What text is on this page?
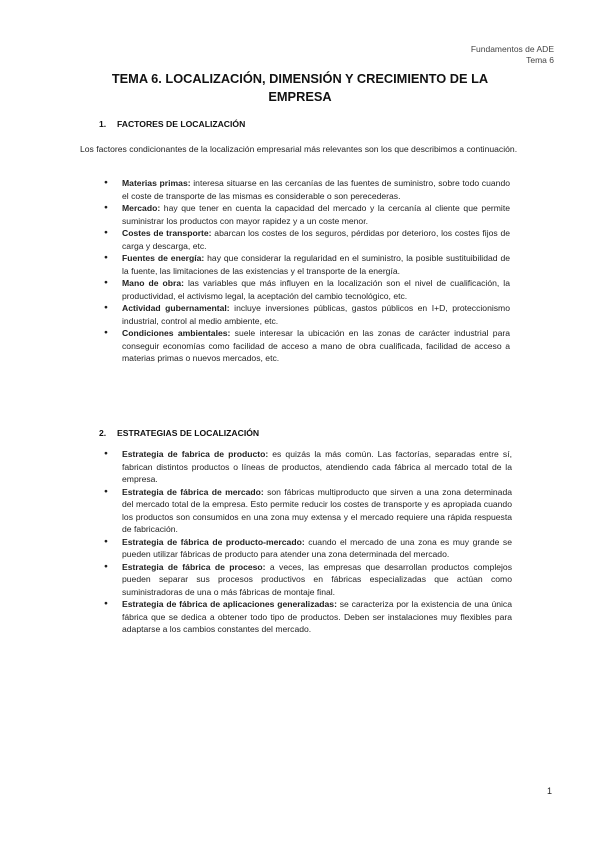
Fundamentos de ADE
Tema 6
TEMA 6. LOCALIZACIÓN, DIMENSIÓN Y CRECIMIENTO DE LA EMPRESA
1. FACTORES DE LOCALIZACIÓN
Los factores condicionantes de la localización empresarial más relevantes son los que describimos a continuación.
● Materias primas: interesa situarse en las cercanías de las fuentes de suministro, sobre todo cuando el coste de transporte de las mismas es considerable o son perecederas.
● Mercado: hay que tener en cuenta la capacidad del mercado y la cercanía al cliente que permite suministrar los productos con mayor rapidez y a un coste menor.
● Costes de transporte: abarcan los costes de los seguros, pérdidas por deterioro, los costes fijos de carga y descarga, etc.
● Fuentes de energía: hay que considerar la regularidad en el suministro, la posible sustituibilidad de la fuente, las limitaciones de las existencias y el transporte de la energía.
● Mano de obra: las variables que más influyen en la localización son el nivel de cualificación, la productividad, el activismo legal, la aceptación del cambio tecnológico, etc.
● Actividad gubernamental: incluye inversiones públicas, gastos públicos en I+D, proteccionismo industrial, control al medio ambiente, etc.
● Condiciones ambientales: suele interesar la ubicación en las zonas de carácter industrial para conseguir economías como facilidad de acceso a mano de obra cualificada, facilidad de acceso a materias primas o nuevos mercados, etc.
2. ESTRATEGIAS DE LOCALIZACIÓN
● Estrategia de fabrica de producto: es quizás la más común. Las factorías, separadas entre sí, fabrican distintos productos o líneas de productos, atendiendo cada fábrica al mercado total de la empresa.
● Estrategia de fábrica de mercado: son fábricas multiproducto que sirven a una zona determinada del mercado total de la empresa. Esto permite reducir los costes de transporte y es apropiada cuando los productos son consumidos en una zona muy extensa y el mercado requiere una rápida respuesta de fabricación.
● Estrategia de fábrica de producto-mercado: cuando el mercado de una zona es muy grande se pueden utilizar fábricas de producto para atender una zona determinada del mercado.
● Estrategia de fábrica de proceso: a veces, las empresas que desarrollan productos complejos pueden separar sus procesos productivos en fábricas especializadas que actúan como suministradoras de una o más fábricas de montaje final.
● Estrategia de fábrica de aplicaciones generalizadas: se caracteriza por la existencia de una única fábrica que se dedica a obtener todo tipo de productos. Deben ser instalaciones muy flexibles para adaptarse a los cambios constantes del mercado.
1
